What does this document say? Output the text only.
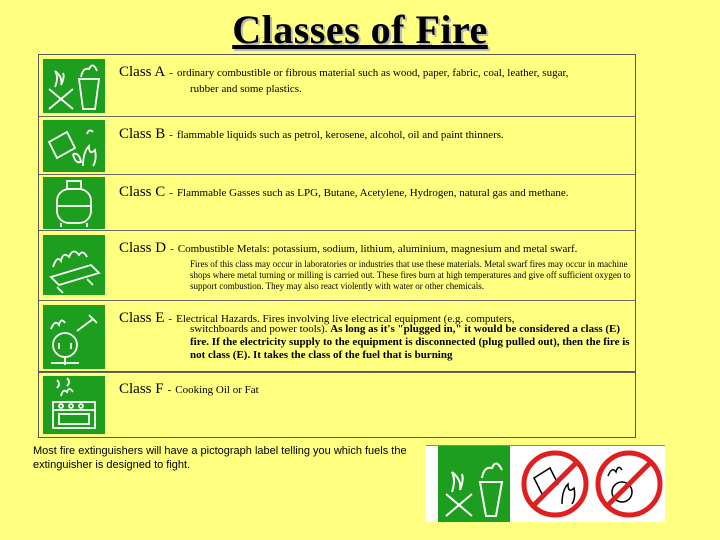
Classes of Fire
Class A - ordinary combustible or fibrous material such as wood, paper, fabric, coal, leather, sugar,
rubber and some plastics.
Class B - flammable liquids such as petrol, kerosene, alcohol, oil and paint thinners.
Class C - Flammable Gasses such as LPG, Butane, Acetylene, Hydrogen, natural gas and methane.
Class D - Combustible Metals: potassium, sodium, lithium, aluminium, magnesium and metal swarf.
Fires of this class may occur in laboratories or industries that use these materials. Metal swarf fires may occur in machine shops where metal turning or milling is carried out. These fires burn at high temperatures and give off sufficient oxygen to support combustion. They may also react violently with water or other chemicals.
Class E - Electrical Hazards. Fires involving live electrical equipment (e.g. computers,
switchboards and power tools). As long as it's "plugged in," it would be considered a class (E) fire. If the electricity supply to the equipment is disconnected (plug pulled out), then the fire is not class (E). It takes the class of the fuel that is burning
Class F - Cooking Oil or Fat
Most fire extinguishers will have a pictograph label telling you which fuels the extinguisher is designed to fight.
